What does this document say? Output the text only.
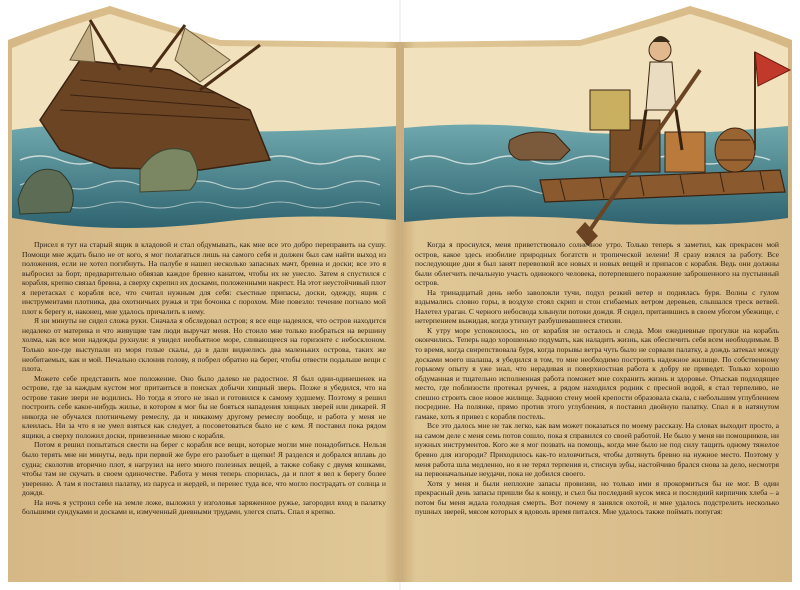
Присел я тут на старый ящик в кладовой и стал обдумывать, как мне все это добро переправить на сушу. Помощи мне ждать было не от кого, я мог полагаться лишь на самого себя и должен был сам найти выход из положения, если не хотел погибнуть. На палубе я нашел несколько запасных мачт, бревна и доски; все это я выбросил за борт, предварительно обвязав каждое бревно канатом, чтобы их не унесло. Затем я спустился с корабля, крепко связал бревна, а сверху скрепил их досками, положенными накрест. На этот неустойчивый плот я перетаскал с корабля все, что считал нужным для себя: съестные припасы, доски, одежду, ящик с инструментами плотника, два охотничьих ружья и три бочонка с порохом. Мне повезло: течение погнало мой плот к берегу и, наконец, мне удалось причалить к нему.

Я ни минуты не сидел сложа руки. Сначала я обследовал остров; я все еще надеялся, что остров находится недалеко от материка и что живущие там люди выручат меня. Но стоило мне только взобраться на вершину холма, как все мои надежды рухнули: я увидел необъятное море, сливающееся на горизонте с небосклоном. Только кое-где выступали из моря голые скалы, да в дали виднелись два маленьких острова, таких же необитаемых, как и мой. Печально склонив голову, я побрел обратно на берег, чтобы отвести подальше вещи с плота.

Можете себе представить мое положение. Оно было далеко не радостное. Я был одни-одинешенек на острове, где за каждым кустом мог притаиться в поисках добычи хищный зверь. Позже я убедился, что на острове такие звери не водились. Но тогда я этого не знал и готовился к самому худшему. Поэтому я решил построить себе какое-нибудь жилье, в котором я мог бы не бояться нападения хищных зверей или дикарей. Я никогда не обучался плотничьему ремеслу, да и никакому другому ремеслу вообще, и работа у меня не клеилась. Ни за что я не умел взяться как следует, а посоветоваться было не с кем. Я поставил пока рядом ящики, а сверху положил доски, привезенные мною с корабля.

Потом я решил попытаться свести на берег с корабля все вещи, которые могли мне понадобиться. Нельзя было терять мне ни минуты, ведь при первой же буре его разобьет в щепки! Я разделся и добрался вплавь до судна; сколотив вторично плот, я нагрузил на него много полезных вещей, а также собаку с двумя кошками, чтобы там не скучать в своем одиночестве. Работа у меня теперь спорилась, да и плот я вел к берегу более уверенно. А там я поставил палатку, из паруса и жердей, и перенес туда все, что могло пострадать от солнца и дождя.

На ночь я устроил себе на земле ложе, выложил у изголовья заряженное ружье, загородил вход в палатку большими сундуками и досками и, измученный дневными трудами, улегся спать. Спал я крепко.

Когда я проснулся, меня приветствовало солнечное утро. Только теперь я заметил, как прекрасен мой остров, какое здесь изобилие природных богатств и тропической зелени! Я сразу взялся за работу. Все последующие дни я был занят перевозкой все новых и новых вещей и припасов с корабля. Ведь они должны были облегчить печальную участь одинокого человека, потерпевшего поражение заброшенного на пустынный остров.

На тринадцатый день небо заволокли тучи, подул резкий ветер и поднялась буря. Волны с гулом вздымались словно горы, в воздухе стоял скрип и стон сгибаемых ветром деревьев, слышался треск ветвей. Налетел ураган. С черного небосвода хлынули потоки дождя. Я сидел, притаившись в своем убогом убежище, с нетерпением выжидая, когда утихнут разбушевавшиеся стихии.

К утру море успокоилось, но от корабля не осталось и следа. Мои ежедневные прогулки на корабль окончились. Теперь надо хорошенько подумать, как наладить жизнь, как обеспечить себя всем необходимым. В то время, когда свирепствовала буря, когда порывы ветра чуть было не сорвали палатку, а дождь затекал между досками моего шалаша, я убедился в том, то мне необходимо построить надежное жилище. По собственному горькому опыту я уже знал, что нерадивая и поверхностная работа к добру не приведет. Только хорошо обдуманная и тщательно исполненная работа поможет мне сохранить жизнь и здоровье. Отыскав подходящее место, где поблизости протекал ручеек, а рядом находился родник с пресной водой, я стал терпеливо, не спешно строить свое новое жилище. Заднюю стену моей крепости образовала скала, с небольшим углублением посредине. На полянке, прямо против этого углубления, я поставил двойную палатку. Спал я в натянутом гамаке, хоть я привез с корабля постель.

Все это далось мне не так легко, как вам может показаться по моему рассказу. На словах выходит просто, а на самом деле с меня семь потов сошло, пока я справился со своей работой. Не было у меня ни помощников, ни нужных инструментов. Кого же я мог позвать на помощь, когда мне было не под силу тащить одному тяжелое бревно для изгороди? Приходилось как-то изловчиться, чтобы дотянуть бревно на нужное место. Поэтому у меня работа шла медленно, но я не терял терпения и, стиснув зубы, настойчиво брался снова за дело, несмотря на первоначальные неудачи, пока не добился своего.

Хотя у меня и были неплохие запасы провизии, но только ими я прокормиться бы не мог. В один прекрасный день запасы пришли бы к концу, и съел бы последний кусок мяса и последний кирпичик хлеба – а потом бы меня ждала голодная смерть. Вот почему я занялся охотой, и мне удалось подстрелить несколько пушных зверей, мясом которых я вдоволь время питался. Мне удалось также поймать попугая:
